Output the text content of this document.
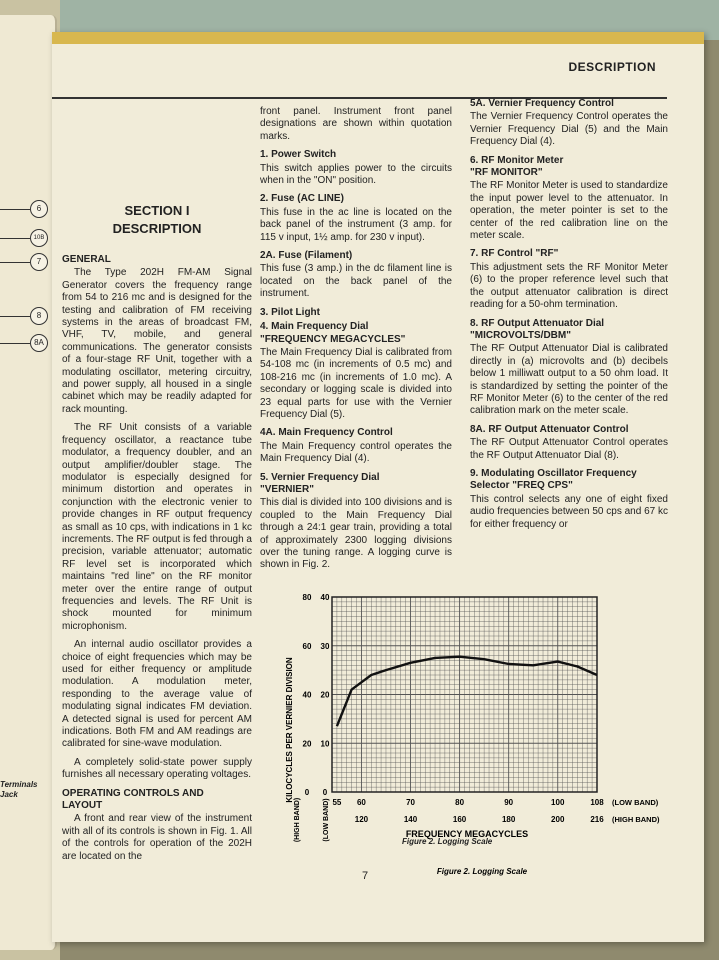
6
10B
7
8
8A
Terminals
Jack
DESCRIPTION
SECTION I
DESCRIPTION
GENERAL

The Type 202H FM-AM Signal Generator covers the frequency range from 54 to 216 mc and is designed for the testing and calibration of FM receiving systems in the areas of broadcast FM, VHF, TV, mobile, and general communications. The generator consists of a four-stage RF Unit, together with a modulating oscillator, metering circuitry, and power supply, all housed in a single cabinet which may be readily adapted for rack mounting.

The RF Unit consists of a variable frequency oscillator, a reactance tube modulator, a frequency doubler, and an output amplifier/doubler stage. The modulator is especially designed for minimum distortion and operates in conjunction with the electronic venier to provide changes in RF output frequency as small as 10 cps, with indications in 1 kc increments. The RF output is fed through a precision, variable attenuator; automatic RF level set is incorporated which maintains "red line" on the RF monitor meter over the entire range of output frequencies and levels. The RF Unit is shock mounted for minimum microphonism.

An internal audio oscillator provides a choice of eight frequencies which may be used for either frequency or amplitude modulation. A modulation meter, responding to the average value of modulating signal indicates FM deviation. A detected signal is used for percent AM indications. Both FM and AM readings are calibrated for sine-wave modulation.

A completely solid-state power supply furnishes all necessary operating voltages.

OPERATING CONTROLS AND
LAYOUT

A front and rear view of the instrument with all of its controls is shown in Fig. 1. All of the controls for operation of the 202H are located on the

front panel. Instrument front panel designations are shown within quotation marks.

1. Power Switch

This switch applies power to the circuits when in the "ON" position.

2. Fuse (AC LINE)

This fuse in the ac line is located on the back panel of the instrument (3 amp. for 115 v input, 1½ amp. for 230 v input).

2A. Fuse (Filament)

This fuse (3 amp.) in the dc filament line is located on the back panel of the instrument.

3. Pilot Light
4. Main Frequency Dial
"FREQUENCY MEGACYCLES"

The Main Frequency Dial is calibrated from 54-108 mc (in increments of 0.5 mc) and 108-216 mc (in increments of 1.0 mc). A secondary or logging scale is divided into 23 equal parts for use with the Vernier Frequency Dial (5).

4A. Main Frequency Control

The Main Frequency control operates the Main Frequency Dial (4).

5. Vernier Frequency Dial
"VERNIER"

This dial is divided into 100 divisions and is coupled to the Main Frequency Dial through a 24:1 gear train, providing a total of approximately 2300 logging divisions over the tuning range. A logging curve is shown in Fig. 2.

5A. Vernier Frequency Control

The Vernier Frequency Control operates the Vernier Frequency Dial (5) and the Main Frequency Dial (4).

6. RF Monitor Meter
"RF MONITOR"

The RF Monitor Meter is used to standardize the input power level to the attenuator. In operation, the meter pointer is set to the center of the red calibration line on the meter scale.

7. RF Control "RF"

This adjustment sets the RF Monitor Meter (6) to the proper reference level such that the output attenuator calibration is direct reading for a 50-ohm termination.

8. RF Output Attenuator Dial
"MICROVOLTS/DBM"

The RF Output Attenuator Dial is calibrated directly in (a) microvolts and (b) decibels below 1 milliwatt output to a 50 ohm load. It is standardized by setting the pointer of the RF Monitor Meter (6) to the center of the red calibration mark on the meter scale.

8A. RF Output Attenuator Control

The RF Output Attenuator Control operates the RF Output Attenuator Dial (8).

9. Modulating Oscillator Frequency
Selector "FREQ CPS"

This control selects any one of eight fixed audio frequencies between 50 cps and 67 kc for either frequency or

80
60
40
20
0
40
30
20
10
0
55 60	70	80	90	100	108
120	140	160	180	200	216
KILOCYCLES PER VERNIER DIVISION
(HIGH BAND)	(LOW BAND)	FREQUENCY MEGACYCLES
(LOW BAND)
(HIGH BAND)
Figure 2. Logging Scale
Figure 2. Logging Scale
7
